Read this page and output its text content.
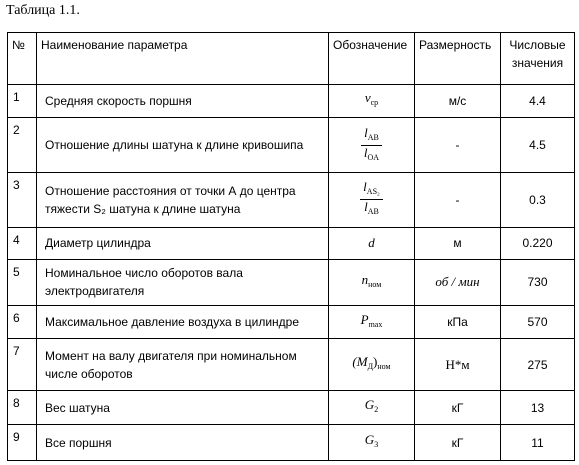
Таблица 1.1.
№	Наименование параметра	Обозначение	Размерность	Числовые значения
1	Средняя скорость поршня	$v_{ср}$	м/с	4.4
2	Отношение длины шатуна к длине кривошипа	$\frac{l_{AB}}{l_{OA}}$	-	4.5
3	Отношение расстояния от точки А до центра тяжести S₂ шатуна к длине шатуна	$\frac{l_{AS_2}}{l_{AB}}$	-	0.3
4	Диаметр цилиндра	d	м	0.220
5	Номинальное число оборотов вала электродвигателя	$n_{ном}$	об / мин	730
6	Максимальное давление воздуха в цилиндре	$P_{max}$	кПа	570
7	Момент на валу двигателя при номинальном числе оборотов	$(M_Д)_{ном}$	Н*м	275
8	Вес шатуна	$G_2$	кГ	13
9	Все поршня	$G_3$	кГ	11
